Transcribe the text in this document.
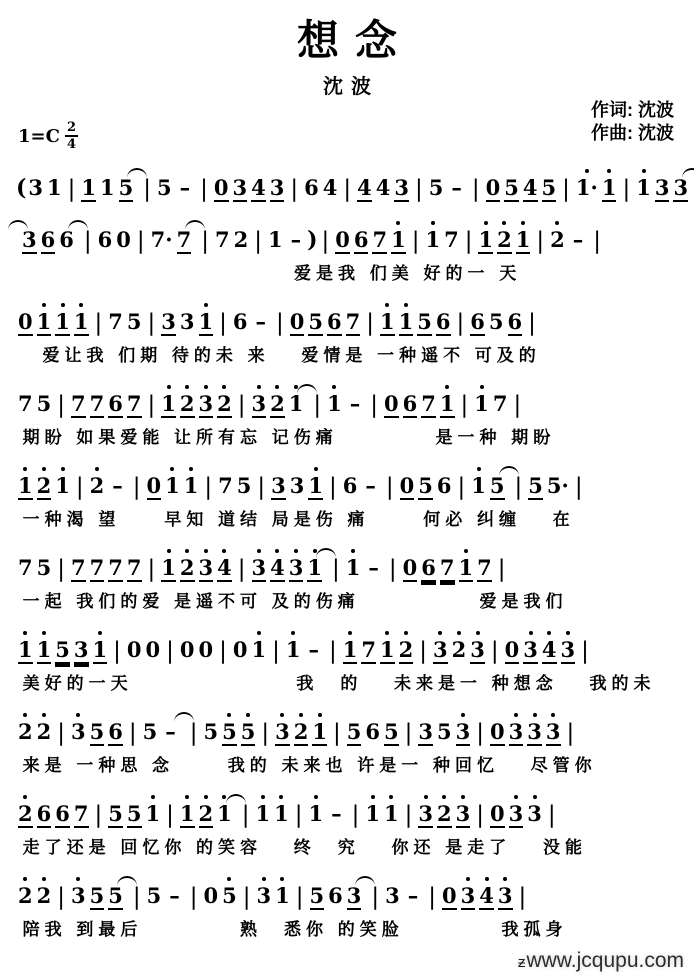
想念
沈波
作词: 沈波
作曲: 沈波
$1=C \frac{2}{4}$
(3 1 | 1 1 5 | 5 – | 0 3 4 3 | 6 4 | 4 4 3 | 5 – | 0 5 4 5 | 1· 1 | 1 3 3
3 6 6 | 6 0 | 7· 7 | 7 2 | 1 – ) | 0 6 7 1 | 1 7 | 1 2 1 | 2 – |
爱是我 们美 好的一 天
0 1 1 1 | 7 5 | 3 3 1 | 6 – | 0 5 6 7 | 1 1 5 6 | 6 5 6 |
爱让我 们期 待的未 来　 爱情是 一种遥不 可及的
7 5 | 7 7 6 7 | 1 2 3 2 | 3 2 1 | 1 – | 0 6 7 1 | 1 7 |
期盼 如果爱能 让所有忘 记伤痛　　　　 是一种 期盼
1 2 1 | 2 – | 0 1 1 | 7 5 | 3 3 1 | 6 – | 0 5 6 | 1 5 | 5 5· |
一种渴 望　　早知 道结 局是伤 痛　　 何必 纠缠　 在
7 5 | 7 7 7 7 | 1 2 3 4 | 3 4 3 1 | 1 – | 0 6 7 1 7 |
一起 我们的爱 是遥不可 及的伤痛　　　　　 爱是我们
1 1 5 3 1 | 0 0 | 0 0 | 0 1 | 1 – | 1 7 1 2 | 3 2 3 | 0 3 4 3 |
美好的一天　　　　　　　 我　的　 未来是一 种想念　 我的未
2 2 | 3 5 6 | 5 – | 5 5 5 | 3 2 1 | 5 6 5 | 3 5 3 | 0 3 3 3 |
来是 一种思 念　　 我的 未来也 许是一 种回忆　 尽管你
2 6 6 7 | 5 5 1 | 1 2 1 | 1 1 | 1 – | 1 1 | 3 2 3 | 0 3 3 |
走了还是 回忆你 的笑容　 终　究　 你还 是走了　 没能
2 2 | 3 5 5 | 5 – | 0 5 | 3 1 | 5 6 3 | 3 – | 0 3 4 3 |
陪我 到最后　　　　 熟　悉你 的笑脸　　　　 我孤身
ƶwww.jcqupu.com
